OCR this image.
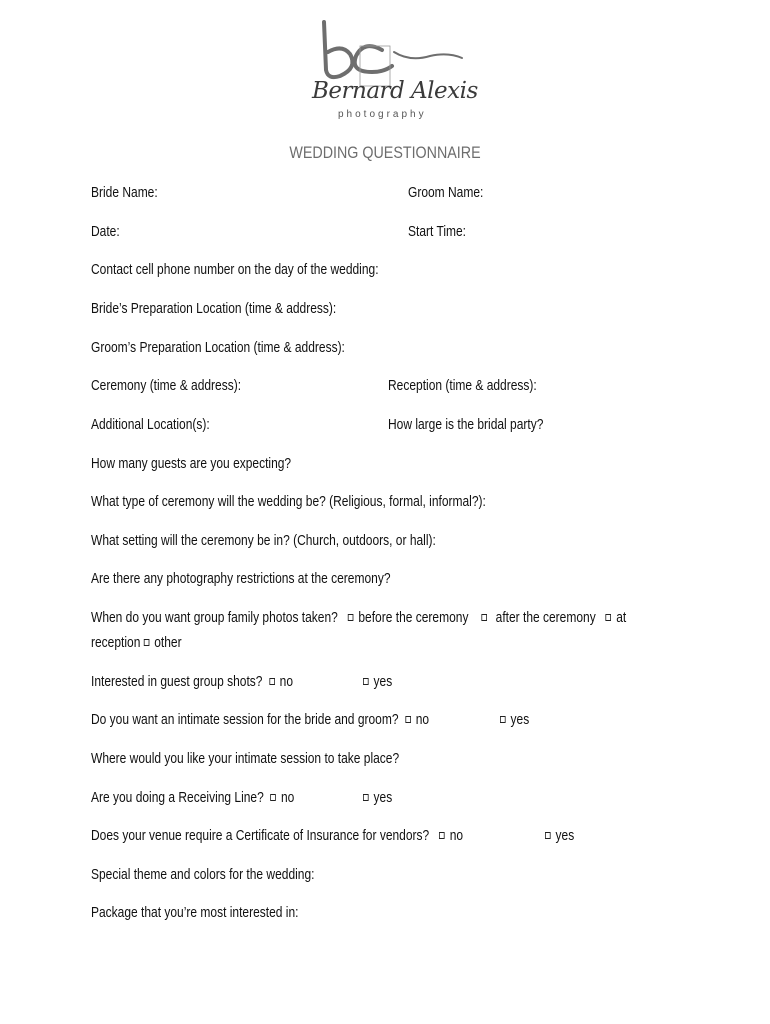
Bernard Alexis
photography
WEDDING QUESTIONNAIRE
Bride Name:	Groom Name:
Date:	Start Time:
Contact cell phone number on the day of the wedding:
Bride’s Preparation Location (time & address):
Groom’s Preparation Location (time & address):
Ceremony (time & address):	Reception (time & address):
Additional Location(s):	How large is the bridal party?
How many guests are you expecting?
What type of ceremony will the wedding be? (Religious, formal, informal?):
What setting will the ceremony be in? (Church, outdoors, or hall):
Are there any photography restrictions at the ceremony?
When do you want group family photos taken? before the ceremony after the ceremony at
reception other
Interested in guest group shots? no	yes
Do you want an intimate session for the bride and groom? no	yes
Where would you like your intimate session to take place?
Are you doing a Receiving Line? no	yes
Does your venue require a Certificate of Insurance for vendors? no	yes
Special theme and colors for the wedding:
Package that you’re most interested in:
